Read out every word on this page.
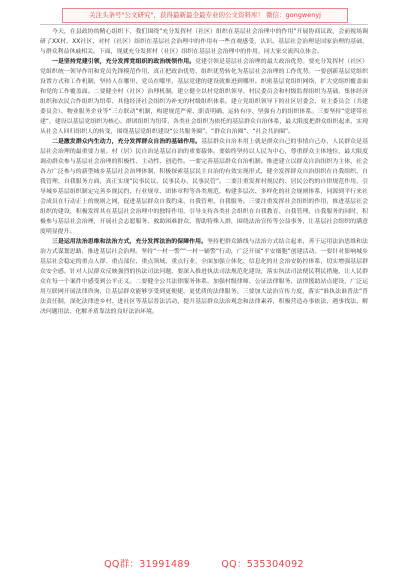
关注头条号"公文研究"，获得最新最全最专业的公文资料库！ 微信：gongwenyj

今天，在县政协的精心组织下，我们围绕“充分发挥村（社区）组织在基层社会治理中的作用”开展协商议政，会前视场调研了XX村、XX社区、对村（社区）组织在基层社会治理中的作用有一些直观感受，认识。基层社会治理是国家治理的基础，与群众利益休戚相关。下面，现就充分发挥村（社区）组织在基层社会治理中的作用，同大家交流四点体会。

一是坚持党建引领，充分发挥党组织的政治统领作用。党建引领是基层社会治理的最大政治优势。要充分发挥村（社区）党组织统一领导作用和党员先锋模范作用，真正把政治优势、组织优势转化为基层社会治理的工作优势。一要创新基层党组织设置方式和工作机制，坚持人在哪里、党员在哪里、基层党建的建设就推进到哪里。织密基层党组织网络，扩大党组织覆盖面和党的工作覆盖面。二要健全村（社区）治理机制。建立健全以村党组织领导、村民委员会和村级监督组织为基础，集体经济组织和农民合作组织为纽带、其他经济社会组织为补充的村级组织体系。建立党组织领导下的社区居委会、业主委员会（共建委员会）、物业服务企业等“三方联动”机制，构建规范严密、职责明确、运转有序、坚强有力的组织体系。三要坚持“党建带社建”，建设以基层党组织为核心、群团组织为纽带、各类社会组织为依托的基层群众自治体系，最大限度把群众组织起来，实现从社会人回归组织人的转变，围绕基层党组织建设“公共服务圈”、“群众自治圈”、“社会共治圈”。

二是激发群众内生动力，充分发挥群众自治的基础作用。基层群众自治本用上就是群众自己的事情自己办，人民群众是基层社会治理的最重要力量。村（居）民自治是基层自治的重要载体。要始终坚持以人民为中心，尊重群众主体地位，最大限度调动群众参与基层社会治理的积极性、主动性、创造性。一要完善基层群众自治机制。推进建立以群众自治组织为主体、社会各方广泛参与的新型城乡基层社会治理体制，积极探索基层民主自治的有效实现形式，健全发挥群众自治组织在自我组织、自我管理、自我服务方面，真正实现“民事民议、民事民办、民事民管”。二要注重发挥村规民约、居民公约的自律规范作用，引导城乡基层组织制定完善乡规民约、行业规章、团体章程等各类规范，构建多层次、多样化的社会规则体系，同源到平行来社会成员在行动正上的规则之网，促进基层群众自我约束、自我管理、自我服务。三要注重发挥社会组织的作用，推进基层社会组织的建设，积极发挥其在基层社会治理中的独特作用，引导支持各类社会组织在自我教育、自我管理、自我服务的同时，积极参与基层社会治理，开展社会志愿服务、救助困难群众、帮助特殊人群，围绕法治宣传等公益事务，让基层社会组织的满意度明显提升。

三是运用法治思维和法治方式，充分发挥法治的保障作用。坚持把群众路线与法治方式结合起来，善于运用法治思维和法治方式谋划思路、推进基层社会治理。坚持“一村一警”“一村一辅警”行动，广泛开展“平安细胞”创建活动。一要针对影响城乡基层社会稳定的重点人群、重点部位、重点领域、重点行业，全面加强立体化、信息化的社会治安防控体系，切实增强基层群众安全感。针对人民群众反映强烈的执法司法问题，要深入推进执法司法规范化建设，落实执法司法便民利民措施，让人民群众在每一个案件中感受到公平正义。二要健全公共法律服务体系。加强村级律师、公证法律服务、法律援助站点建设，广泛运用互联网开展法律咨询，让基层群众能够享受到更便捷、更优质的法律服务。三要加大法治宣传力度，落实“谁执法谁普法”普法责任制，深化法律进乡村、进社区等基层普法活动，提升基层群众法治观念和法律素养，积极营造办事依法、遇事找法、解决问题用法、化解矛盾靠法的良好法治环境。

QQ群：31991489	QQ：535304092
